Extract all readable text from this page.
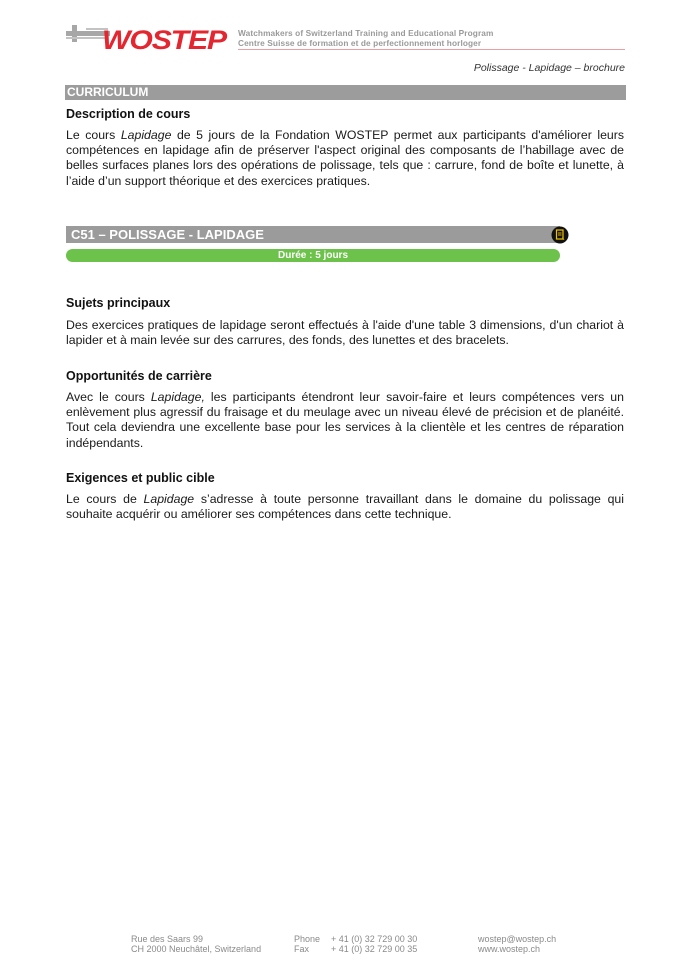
WOSTEP Watchmakers of Switzerland Training and Educational Program
Centre Suisse de formation et de perfectionnement horloger
Polissage - Lapidage – brochure
CURRICULUM
Description de cours

Le cours Lapidage de 5 jours de la Fondation WOSTEP permet aux participants d'améliorer leurs compétences en lapidage afin de préserver l'aspect original des composants de l’habillage avec de belles surfaces planes lors des opérations de polissage, tels que : carrure, fond de boîte et lunette, à l’aide d’un support théorique et des exercices pratiques.

C51 – POLISSAGE - LAPIDAGE
Durée : 5 jours
Sujets principaux

Des exercices pratiques de lapidage seront effectués à l'aide d'une table 3 dimensions, d'un chariot à lapider et à main levée sur des carrures, des fonds, des lunettes et des bracelets.

Opportunités de carrière

Avec le cours Lapidage, les participants étendront leur savoir-faire et leurs compétences vers un enlèvement plus agressif du fraisage et du meulage avec un niveau élevé de précision et de planéité. Tout cela deviendra une excellente base pour les services à la clientèle et les centres de réparation indépendants.

Exigences et public cible

Le cours de Lapidage s’adresse à toute personne travaillant dans le domaine du polissage qui souhaite acquérir ou améliorer ses compétences dans cette technique.

Rue des Saars 99
CH 2000 Neuchâtel, Switzerland
Phone + 41 (0) 32 729 00 30
Fax + 41 (0) 32 729 00 35
wostep@wostep.ch
www.wostep.ch
